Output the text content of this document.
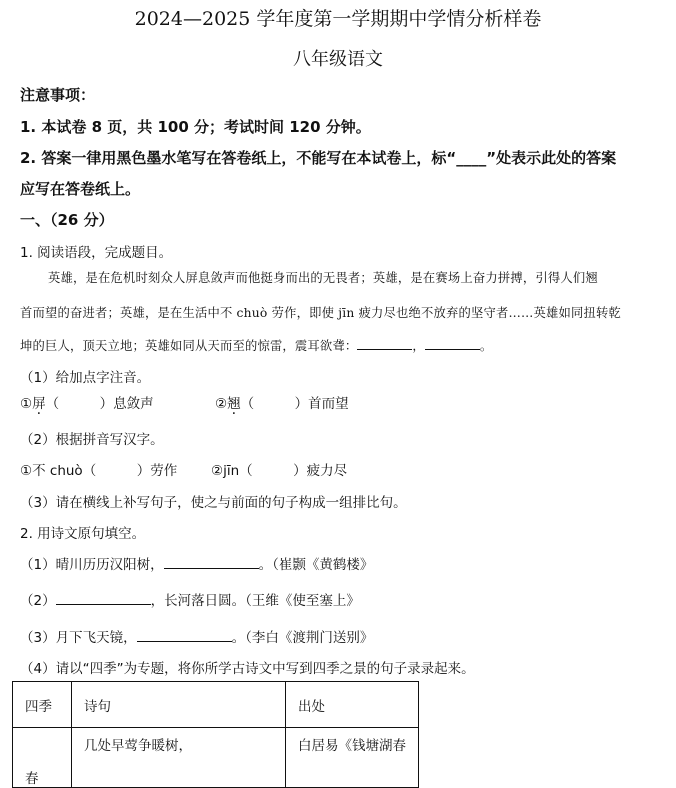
2024—2025 学年度第一学期期中学情分析样卷
八年级语文
注意事项：
1. 本试卷 8 页，共 100 分；考试时间 120 分钟。
2. 答案一律用黑色墨水笔写在答卷纸上，不能写在本试卷上，标“____”处表示此处的答案
应写在答卷纸上。
一、（26 分）
1. 阅读语段，完成题目。
英雄，是在危机时刻众人屏息敛声而他挺身而出的无畏者；英雄，是在赛场上奋力拼搏，引得人们翘
首而望的奋进者；英雄，是在生活中不 chuò 劳作，即使 jīn 疲力尽也绝不放弃的坚守者……英雄如同扭转乾
坤的巨人，顶天立地；英雄如同从天而至的惊雷，震耳欲聋：	，	。
（1）给加点字注音。
①屏（　　　）息敛声	②翘（　　　）首而望
（2）根据拼音写汉字。
①不 chuò（　　　）劳作	②jīn（　　　）疲力尽
（3）请在横线上补写句子，使之与前面的句子构成一组排比句。
2. 用诗文原句填空。
（1）晴川历历汉阳树，	。（崔颢《黄鹤楼》
（2）	，长河落日圆。（王维《使至塞上》
（3）月下飞天镜，	。（李白《渡荆门送别》
（4）请以“四季”为专题，将你所学古诗文中写到四季之景的句子录录起来。
四季	诗句	出处
春	几处早莺争暖树，	白居易《钱塘湖春
